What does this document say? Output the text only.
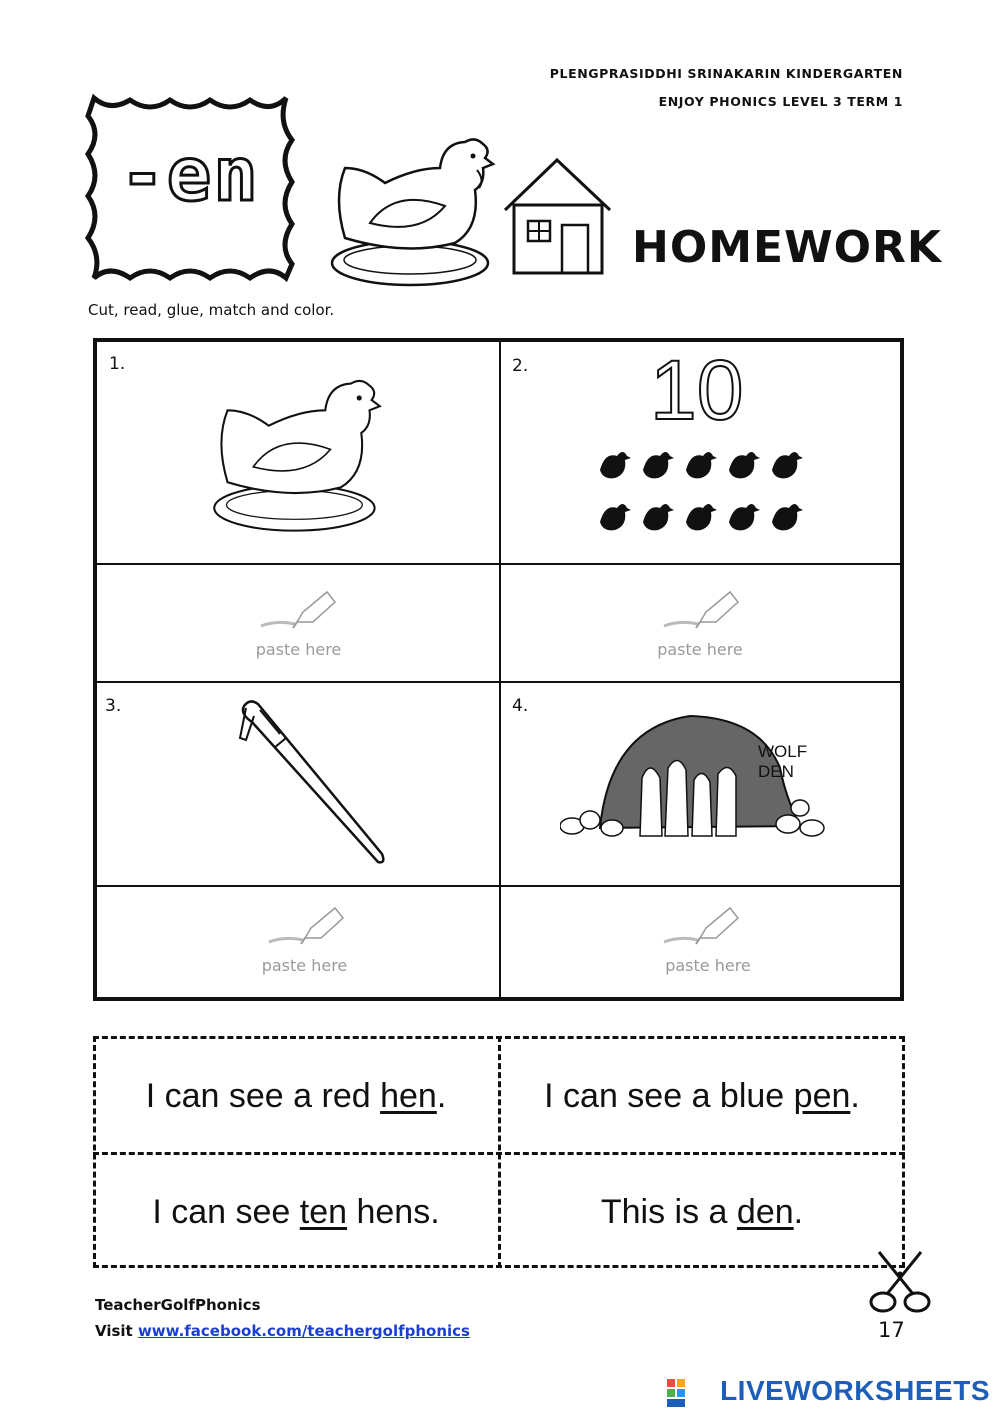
PLENGPRASIDDHI SRINAKARIN KINDERGARTEN
ENJOY PHONICS LEVEL 3 TERM 1
-en
HOMEWORK
Cut, read, glue, match and color.
1.	2. 10
paste here	paste here
3.	4.
WOLF DEN
paste here	paste here
I can see a red hen .	I can see a blue pen .
I can see ten hens.	This is a den .
TeacherGolfPhonics
Visit www.facebook.com/teachergolfphonics	17
LIVEWORKSHEETS
